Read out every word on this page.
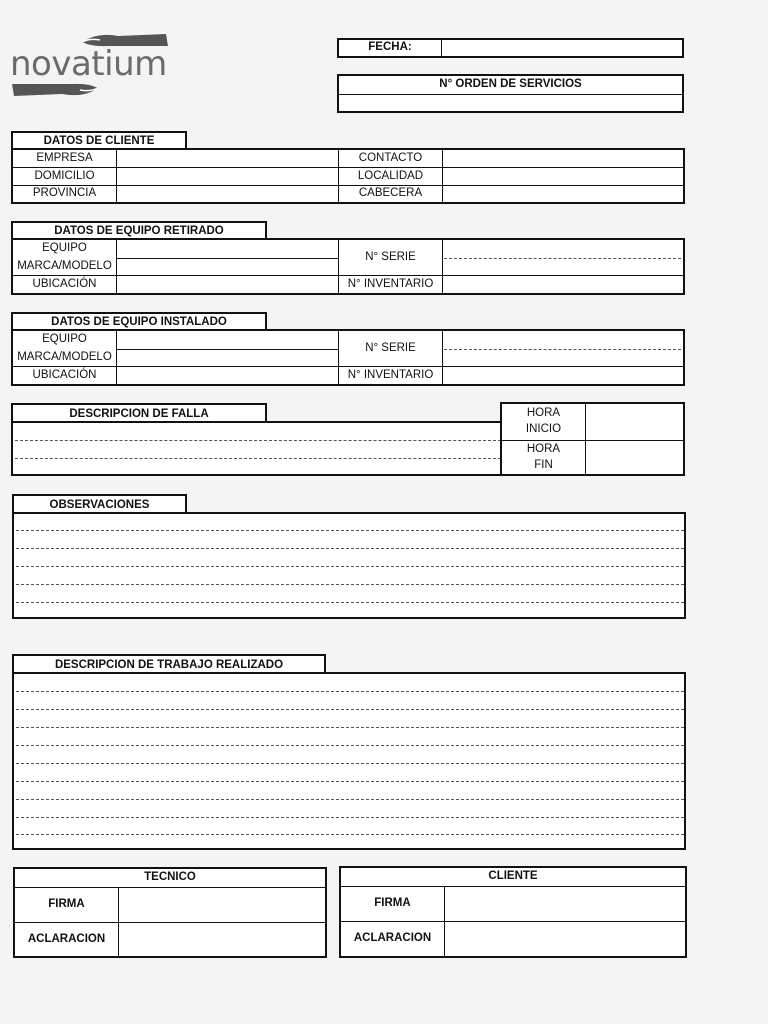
novatium	FECHA:
N° ORDEN DE SERVICIOS
DATOS DE CLIENTE
EMPRESA
DOMICILIO
PROVINCIA
CONTACTO
LOCALIDAD
CABECERA
DATOS DE EQUIPO RETIRADO
EQUIPO
MARCA/MODELO
UBICACIÓN
N° SERIE
N° INVENTARIO
DATOS DE EQUIPO INSTALADO
EQUIPO
MARCA/MODELO
UBICACIÓN
N° SERIE
N° INVENTARIO
DESCRIPCION DE FALLA	HORA
INICIO
HORA
FIN
OBSERVACIONES
DESCRIPCION DE TRABAJO REALIZADO
TECNICO
FIRMA
ACLARACION
CLIENTE
FIRMA
ACLARACION
